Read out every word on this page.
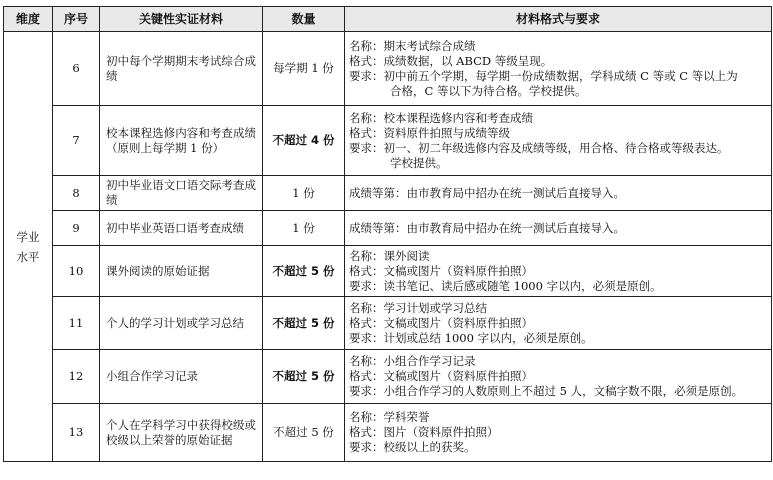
维度	序号	关键性实证材料	数量	材料格式与要求
学业水平	6	初中每个学期期末考试综合成绩	每学期 1 份	名称：期末考试综合成绩
格式：成绩数据，以 ABCD 等级呈现。
要求：初中前五个学期，每学期一份成绩数据，学科成绩 C 等或 C 等以上为
合格，C 等以下为待合格。学校提供。

	7	校本课程选修内容和考查成绩（原则上每学期 1 份）	不超过 4 份	名称：校本课程选修内容和考查成绩
格式：资料原件拍照与成绩等级
要求：初一、初二年级选修内容及成绩等级，用合格、待合格或等级表达。
学校提供。

	8	初中毕业语文口语交际考查成绩	1 份	成绩等第：由市教育局中招办在统一测试后直接导入。

	9	初中毕业英语口语考查成绩	1 份	成绩等第：由市教育局中招办在统一测试后直接导入。

	10	课外阅读的原始证据	不超过 5 份	名称：课外阅读
格式：文稿或图片（资料原件拍照）
要求：读书笔记、读后感或随笔 1000 字以内，必须是原创。

	11	个人的学习计划或学习总结	不超过 5 份	名称：学习计划或学习总结
格式：文稿或图片（资料原件拍照）
要求：计划或总结 1000 字以内，必须是原创。

	12	小组合作学习记录	不超过 5 份	名称：小组合作学习记录
格式：文稿或图片（资料原件拍照）
要求：小组合作学习的人数原则上不超过 5 人，文稿字数不限，必须是原创。

	13	个人在学科学习中获得校级或校级以上荣誉的原始证据	不超过 5 份	名称：学科荣誉
格式：图片（资料原件拍照）
要求：校级以上的获奖。
